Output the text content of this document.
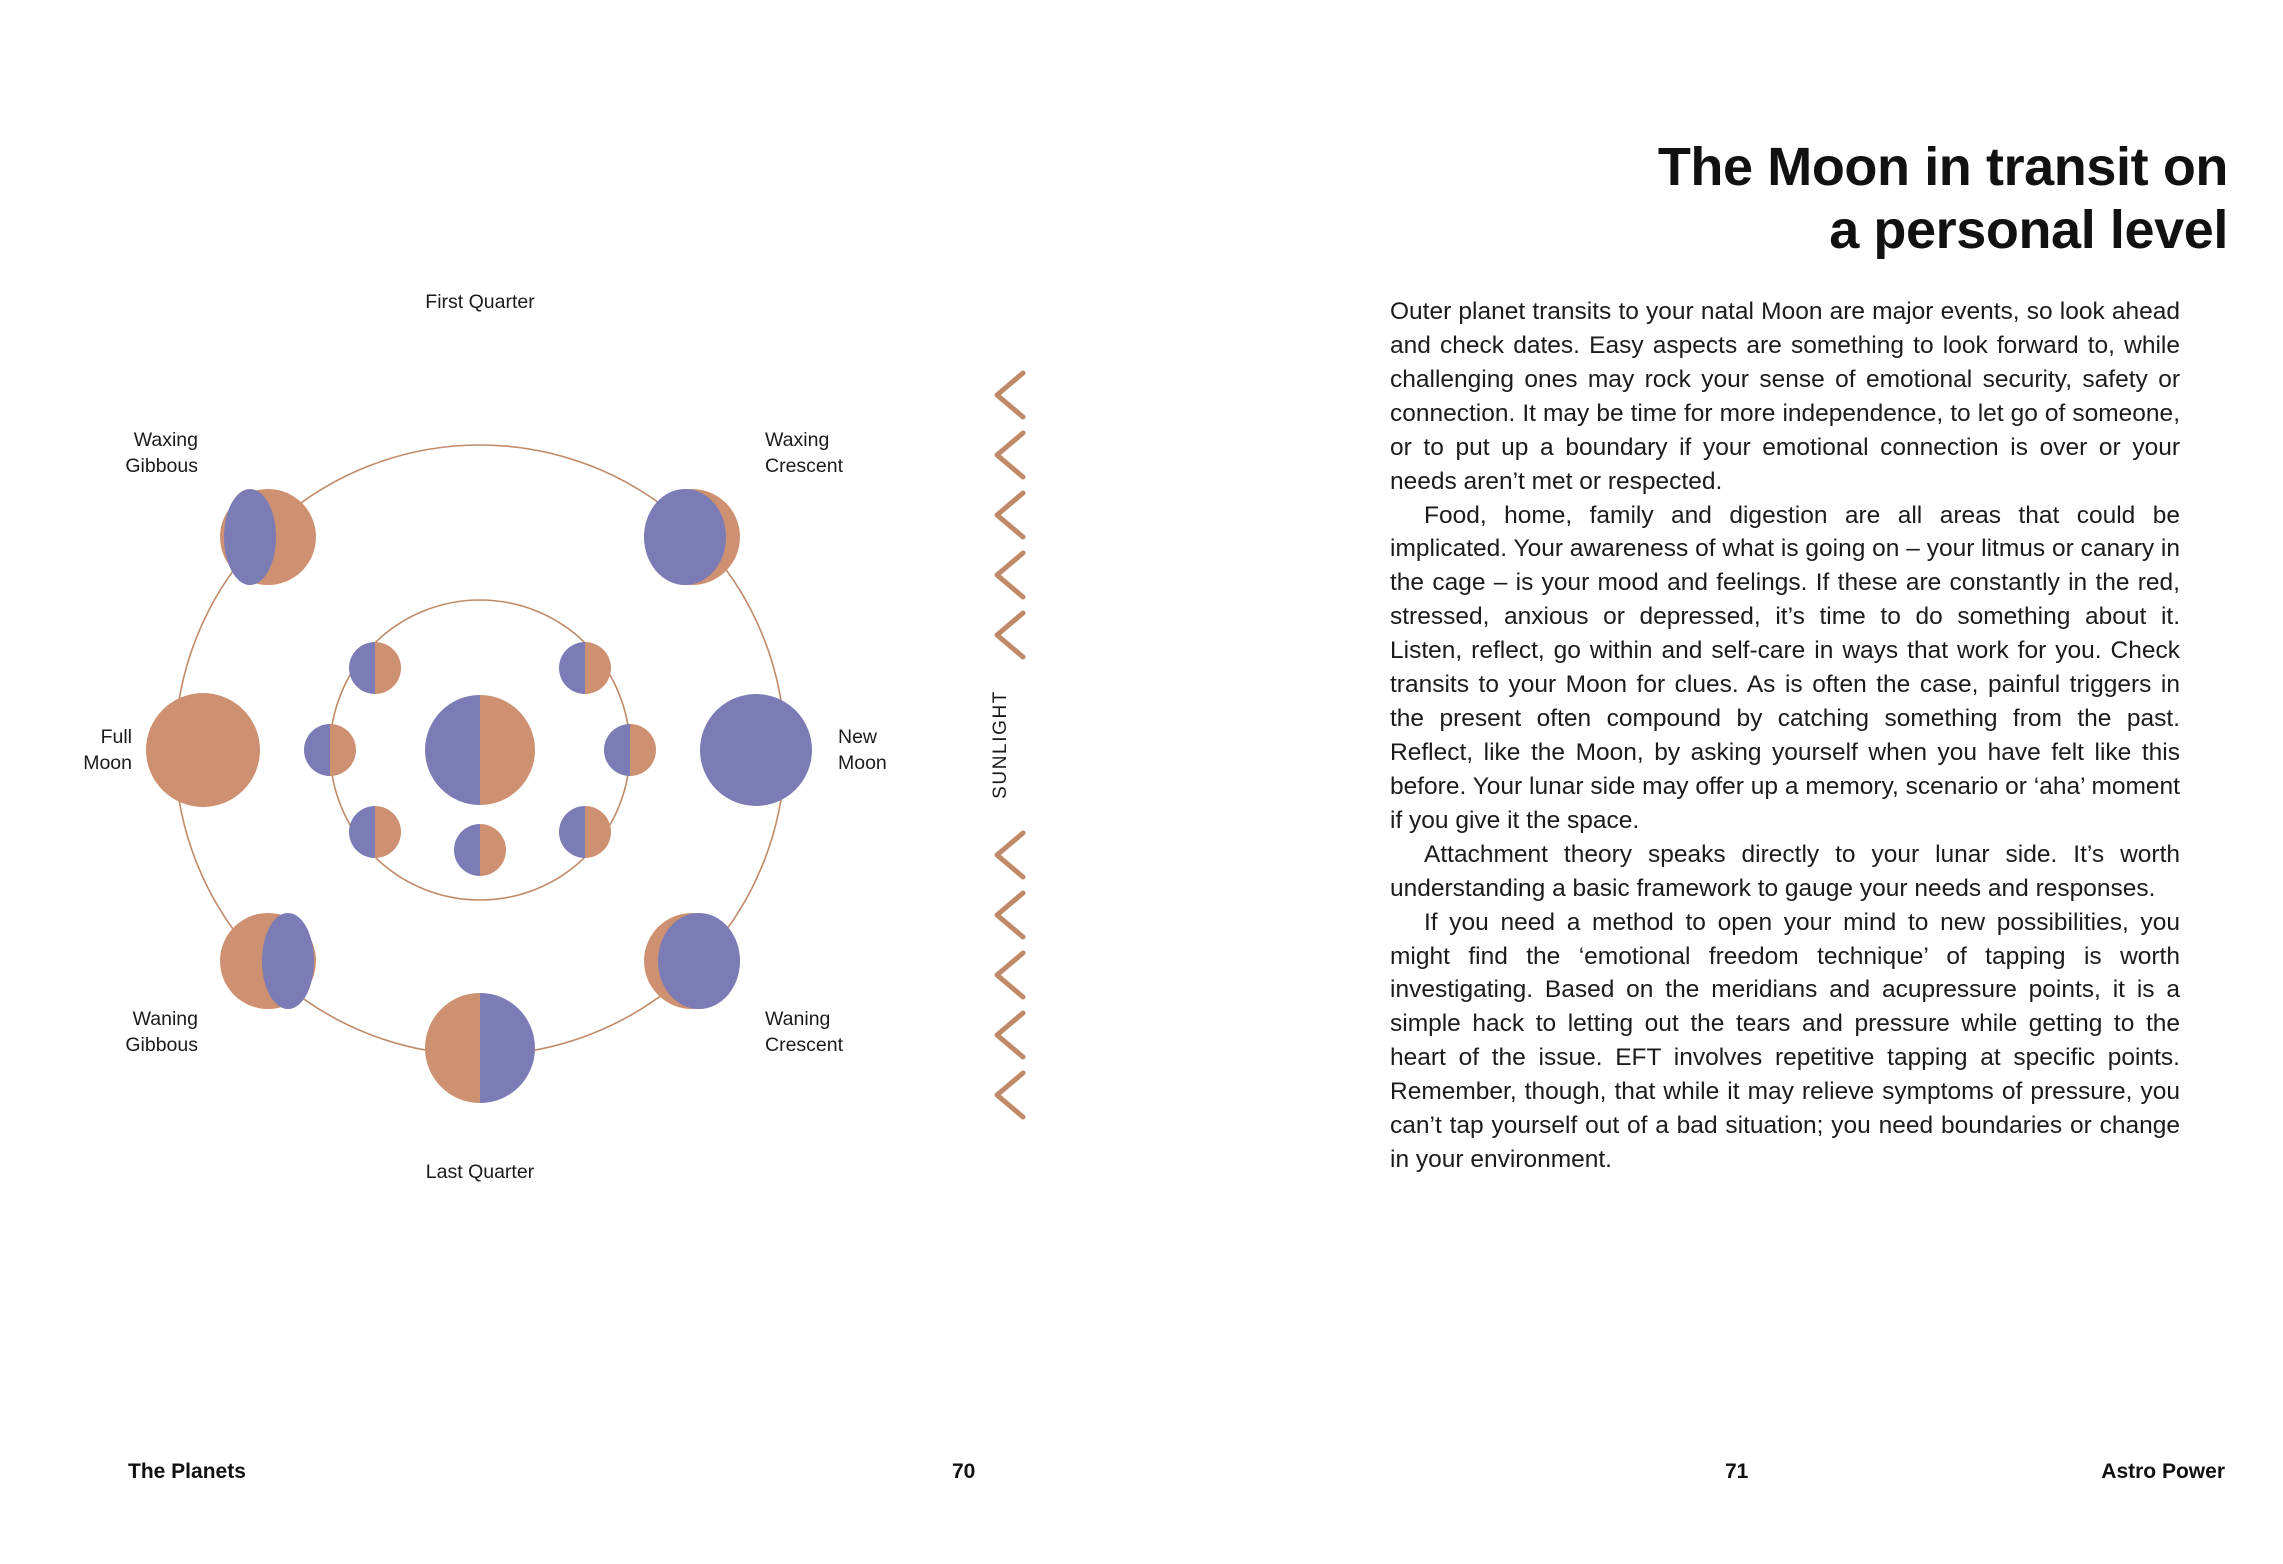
First Quarter
Waxing
Crescent
New
Moon
Waning
Crescent
Last Quarter
Waning
Gibbous
Full
Moon
Waxing
Gibbous
SUNLIGHT
The Planets	70
The Moon in transit on
a personal level

Outer planet transits to your natal Moon are major events, so look ahead and check dates. Easy aspects are something to look forward to, while challenging ones may rock your sense of emotional security, safety or connection. It may be time for more independence, to let go of someone, or to put up a boundary if your emotional connection is over or your needs aren’t met or respected.

Food, home, family and digestion are all areas that could be implicated. Your awareness of what is going on – your litmus or canary in the cage – is your mood and feelings. If these are constantly in the red, stressed, anxious or depressed, it’s time to do something about it. Listen, reflect, go within and self-care in ways that work for you. Check transits to your Moon for clues. As is often the case, painful triggers in the present often compound by catching something from the past. Reflect, like the Moon, by asking yourself when you have felt like this before. Your lunar side may offer up a memory, scenario or ‘aha’ moment if you give it the space.

Attachment theory speaks directly to your lunar side. It’s worth understanding a basic framework to gauge your needs and responses.

If you need a method to open your mind to new possibilities, you might find the ‘emotional freedom technique’ of tapping is worth investigating. Based on the meridians and acupressure points, it is a simple hack to letting out the tears and pressure while getting to the heart of the issue. EFT involves repetitive tapping at specific points. Remember, though, that while it may relieve symptoms of pressure, you can’t tap yourself out of a bad situation; you need boundaries or change in your environment.

71	Astro Power
